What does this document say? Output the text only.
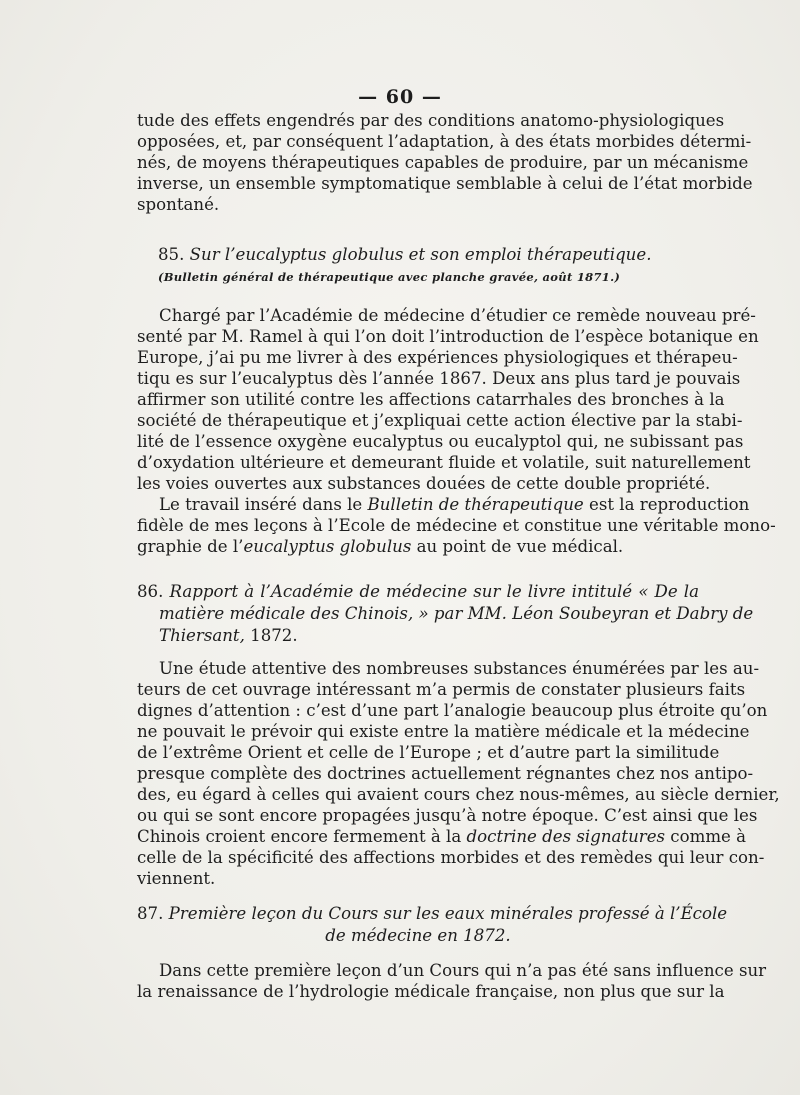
— 60 —

tude des effets engendrés par des conditions anatomo-physiologiques
opposées, et, par conséquent l’adaptation, à des états morbides détermi-
nés, de moyens thérapeutiques capables de produire, par un mécanisme
inverse, un ensemble symptomatique semblable à celui de l’état morbide
spontané.

85. Sur l’eucalyptus globulus et son emploi thérapeutique.

(Bulletin général de thérapeutique avec planche gravée, août 1871.)

Chargé par l’Académie de médecine d’étudier ce remède nouveau pré-
senté par M. Ramel à qui l’on doit l’introduction de l’espèce botanique en
Europe, j’ai pu me livrer à des expériences physiologiques et thérapeu-
tiqu es sur l’eucalyptus dès l’année 1867. Deux ans plus tard je pouvais
affirmer son utilité contre les affections catarrhales des bronches à la
société de thérapeutique et j’expliquai cette action élective par la stabi-
lité de l’essence oxygène eucalyptus ou eucalyptol qui, ne subissant pas
d’oxydation ultérieure et demeurant fluide et volatile, suit naturellement
les voies ouvertes aux substances douées de cette double propriété.

Le travail inséré dans le Bulletin de thérapeutique est la reproduction
fidèle de mes leçons à l’Ecole de médecine et constitue une véritable mono-
graphie de l’eucalyptus globulus au point de vue médical.

86. Rapport à l’Académie de médecine sur le livre intitulé « De la
matière médicale des Chinois, » par MM. Léon Soubeyran et Dabry de
Thiersant, 1872.

Une étude attentive des nombreuses substances énumérées par les au-
teurs de cet ouvrage intéressant m’a permis de constater plusieurs faits
dignes d’attention : c’est d’une part l’analogie beaucoup plus étroite qu’on
ne pouvait le prévoir qui existe entre la matière médicale et la médecine
de l’extrême Orient et celle de l’Europe ; et d’autre part la similitude
presque complète des doctrines actuellement régnantes chez nos antipo-
des, eu égard à celles qui avaient cours chez nous-mêmes, au siècle dernier,
ou qui se sont encore propagées jusqu’à notre époque. C’est ainsi que les
Chinois croient encore fermement à la doctrine des signatures comme à
celle de la spécificité des affections morbides et des remèdes qui leur con-
viennent.

87. Première leçon du Cours sur les eaux minérales professé à l’École
de médecine en 1872.

Dans cette première leçon d’un Cours qui n’a pas été sans influence sur
la renaissance de l’hydrologie médicale française, non plus que sur la
